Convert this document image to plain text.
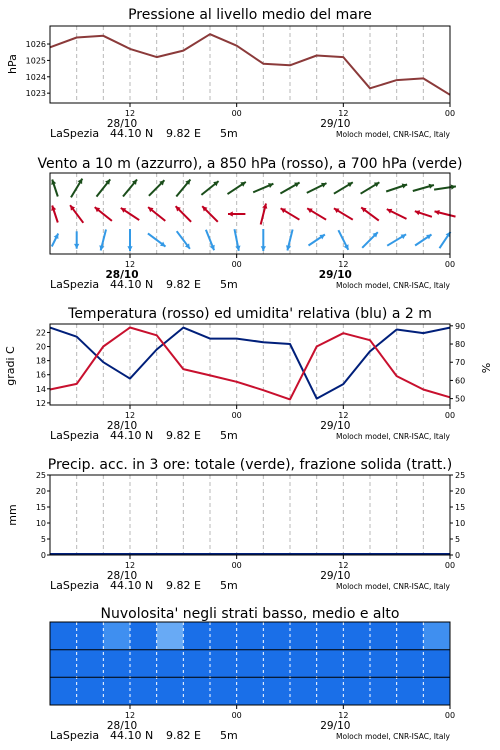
Pressione al livello medio del mare
hPa
1023
1024
1025
1026
12	00	12	00
28/10	29/10
LaSpezia 44.10 N 9.82 E 5m	Moloch model, CNR-ISAC, Italy
Vento a 10 m (azzurro), a 850 hPa (rosso), a 700 hPa (verde)
12	00	12	00
28/10	29/10
LaSpezia 44.10 N 9.82 E 5m	Moloch model, CNR-ISAC, Italy
Temperatura (rosso) ed umidita' relativa (blu) a 2 m
gradi C	%
12
14
16
18
20
22
50
60
70
80
90
12	00	12	00
28/10	29/10
LaSpezia 44.10 N 9.82 E 5m	Moloch model, CNR-ISAC, Italy
Precip. acc. in 3 ore: totale (verde), frazione solida (tratt.)
mm
0
5
10
15
20
25
0
5
10
15
20
25
12	00	12	00
28/10	29/10
LaSpezia 44.10 N 9.82 E 5m	Moloch model, CNR-ISAC, Italy
Nuvolosita' negli strati basso, medio e alto
12	00	12	00
28/10	29/10
LaSpezia 44.10 N 9.82 E 5m	Moloch model, CNR-ISAC, Italy
